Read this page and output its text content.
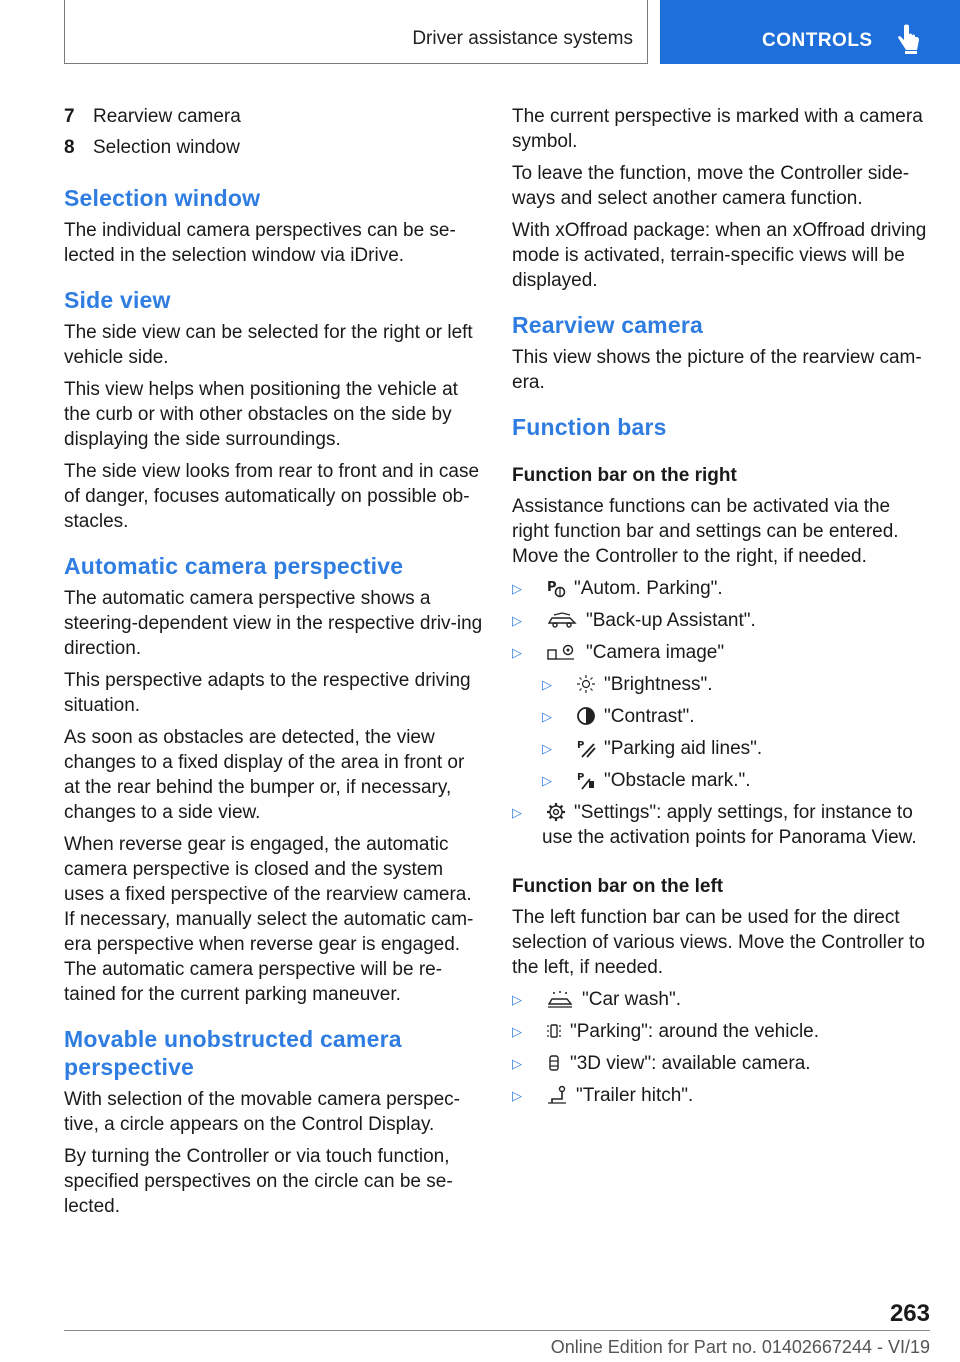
Driver assistance systems	CONTROLS
7 Rearview camera
8 Selection window
Selection window

The individual camera perspectives can be se-lected in the selection window via iDrive.

Side view

The side view can be selected for the right or left vehicle side.

This view helps when positioning the vehicle at the curb or with other obstacles on the side by displaying the side surroundings.

The side view looks from rear to front and in case of danger, focuses automatically on possible ob-stacles.

Automatic camera perspective

The automatic camera perspective shows a steering-dependent view in the respective driv-ing direction.

This perspective adapts to the respective driving situation.

As soon as obstacles are detected, the view changes to a fixed display of the area in front or at the rear behind the bumper or, if necessary, changes to a side view.

When reverse gear is engaged, the automatic camera perspective is closed and the system uses a fixed perspective of the rearview camera. If necessary, manually select the automatic cam-era perspective when reverse gear is engaged. The automatic camera perspective will be re-tained for the current parking maneuver.

Movable unobstructed camera perspective

With selection of the movable camera perspec-tive, a circle appears on the Control Display.

By turning the Controller or via touch function, specified perspectives on the circle can be se-lected.

The current perspective is marked with a camera symbol.

To leave the function, move the Controller side-ways and select another camera function.

With xOffroad package: when an xOffroad driving mode is activated, terrain-specific views will be displayed.

Rearview camera

This view shows the picture of the rearview cam-era.

Function bars
Function bar on the right

Assistance functions can be activated via the right function bar and settings can be entered. Move the Controller to the right, if needed.

▷ P "Autom. Parking".
▷	"Back-up Assistant".
▷	"Camera image"
▷	"Brightness".
▷	"Contrast".
▷	P "Parking aid lines".
▷	P "Obstacle mark.".
▷	"Settings": apply settings, for instance to use the activation points for Panorama View.
Function bar on the left

The left function bar can be used for the direct selection of various views. Move the Controller to the left, if needed.

▷	"Car wash".
▷	"Parking": around the vehicle.
▷	"3D view": available camera.
▷	"Trailer hitch".
263
Online Edition for Part no. 01402667244 - VI/19
